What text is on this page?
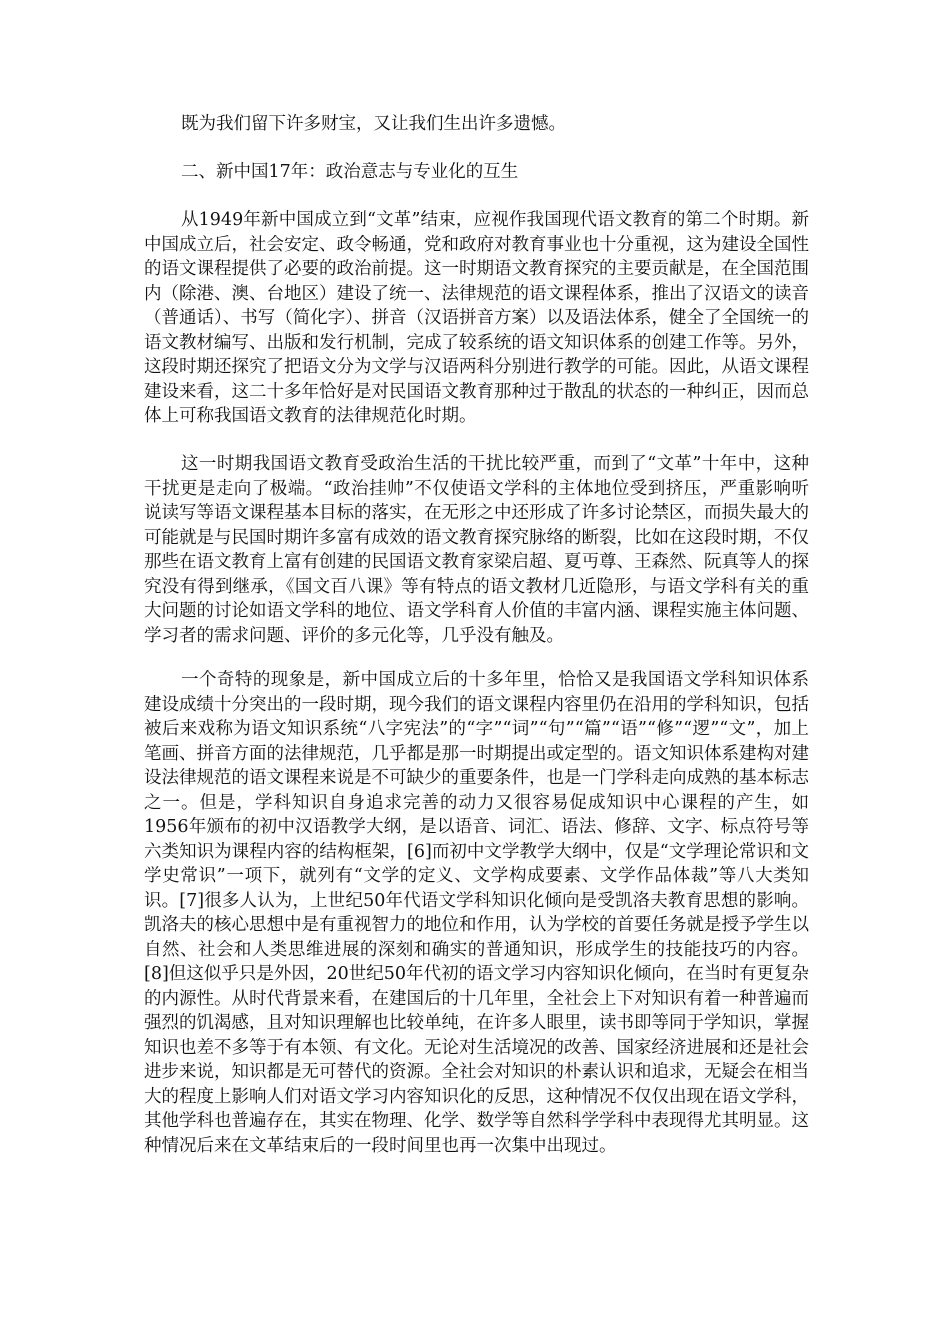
既为我们留下许多财宝，又让我们生出许多遗憾。

二、新中国17年：政治意志与专业化的互生

从1949年新中国成立到“文革”结束，应视作我国现代语文教育的第二个时期。新中国成立后，社会安定、政令畅通，党和政府对教育事业也十分重视，这为建设全国性的语文课程提供了必要的政治前提。这一时期语文教育探究的主要贡献是，在全国范围内（除港、澳、台地区）建设了统一、法律规范的语文课程体系，推出了汉语文的读音（普通话）、书写（简化字）、拼音（汉语拼音方案）以及语法体系，健全了全国统一的语文教材编写、出版和发行机制，完成了较系统的语文知识体系的创建工作等。另外，这段时期还探究了把语文分为文学与汉语两科分别进行教学的可能。因此，从语文课程建设来看，这二十多年恰好是对民国语文教育那种过于散乱的状态的一种纠正，因而总体上可称我国语文教育的法律规范化时期。

这一时期我国语文教育受政治生活的干扰比较严重，而到了“文革”十年中，这种干扰更是走向了极端。“政治挂帅”不仅使语文学科的主体地位受到挤压，严重影响听说读写等语文课程基本目标的落实，在无形之中还形成了许多讨论禁区，而损失最大的可能就是与民国时期许多富有成效的语文教育探究脉络的断裂，比如在这段时期，不仅那些在语文教育上富有创建的民国语文教育家梁启超、夏丏尊、王森然、阮真等人的探究没有得到继承，《国文百八课》等有特点的语文教材几近隐形，与语文学科有关的重大问题的讨论如语文学科的地位、语文学科育人价值的丰富内涵、课程实施主体问题、学习者的需求问题、评价的多元化等，几乎没有触及。

一个奇特的现象是，新中国成立后的十多年里，恰恰又是我国语文学科知识体系建设成绩十分突出的一段时期，现今我们的语文课程内容里仍在沿用的学科知识，包括被后来戏称为语文知识系统“八字宪法”的“字”“词”“句”“篇”“语”“修”“逻”“文”，加上笔画、拼音方面的法律规范，几乎都是那一时期提出或定型的。语文知识体系建构对建设法律规范的语文课程来说是不可缺少的重要条件，也是一门学科走向成熟的基本标志之一。但是，学科知识自身追求完善的动力又很容易促成知识中心课程的产生，如1956年颁布的初中汉语教学大纲，是以语音、词汇、语法、修辞、文字、标点符号等六类知识为课程内容的结构框架，[6]而初中文学教学大纲中，仅是“文学理论常识和文学史常识”一项下，就列有“文学的定义、文学构成要素、文学作品体裁”等八大类知识。[7]很多人认为，上世纪50年代语文学科知识化倾向是受凯洛夫教育思想的影响。凯洛夫的核心思想中是有重视智力的地位和作用，认为学校的首要任务就是授予学生以自然、社会和人类思维进展的深刻和确实的普通知识，形成学生的技能技巧的内容。[8]但这似乎只是外因，20世纪50年代初的语文学习内容知识化倾向，在当时有更复杂的内源性。从时代背景来看，在建国后的十几年里，全社会上下对知识有着一种普遍而强烈的饥渴感，且对知识理解也比较单纯，在许多人眼里，读书即等同于学知识，掌握知识也差不多等于有本领、有文化。无论对生活境况的改善、国家经济进展和还是社会进步来说，知识都是无可替代的资源。全社会对知识的朴素认识和追求，无疑会在相当大的程度上影响人们对语文学习内容知识化的反思，这种情况不仅仅出现在语文学科，其他学科也普遍存在，其实在物理、化学、数学等自然科学学科中表现得尤其明显。这种情况后来在文革结束后的一段时间里也再一次集中出现过。
